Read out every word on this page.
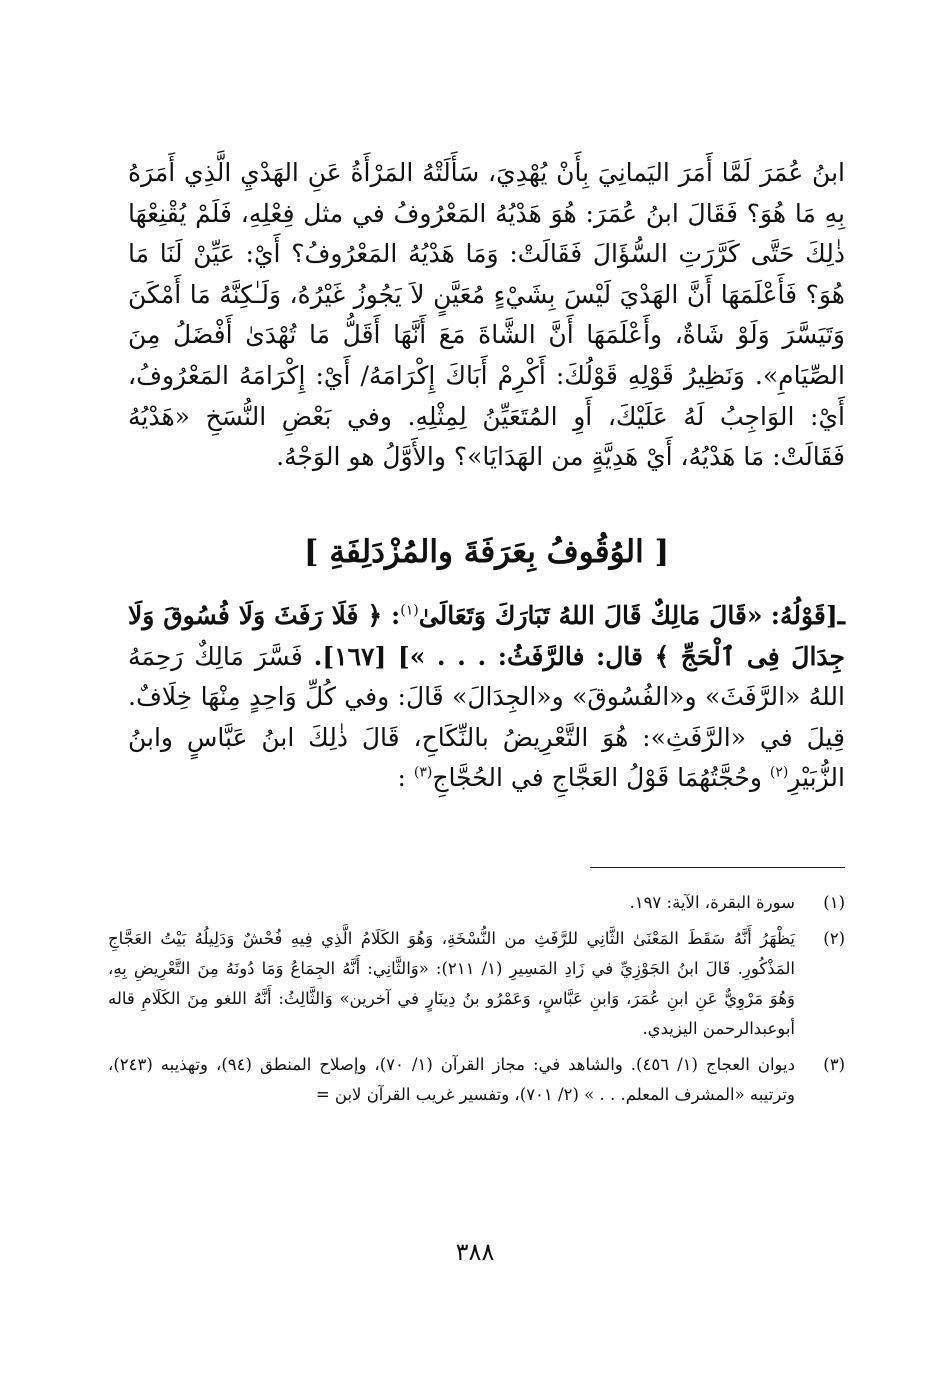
ابنُ عُمَرَ لَمَّا أَمَرَ اليَمانِيَ بِأَنْ يُهْدِيَ، سَأَلَتْهُ المَرْأَةُ عَنِ الهَدْيِ الَّذِي أَمَرَهُ بِهِ مَا هُوَ؟ فَقَالَ ابنُ عُمَرَ: هُوَ هَدْيُهُ المَعْرُوفُ في مثل فِعْلِهِ، فَلَمْ يُقْنِعْهَا ذٰلِكَ حَتَّى كَرَّرَتِ السُّؤَالَ فَقَالَتْ: وَمَا هَدْيُهُ المَعْرُوفُ؟ أَيْ: عَيِّنْ لَنَا مَا هُوَ؟ فَأَعْلَمَهَا أَنَّ الهَدْيَ لَيْسَ بِشَيْءٍ مُعَيَّنٍ لاَ يَجُوزُ غَيْرُهُ، وَلَـٰكِنَّهُ مَا أَمْكَنَ وَتَيَسَّرَ وَلَوْ شَاةٌ، وأَعْلَمَهَا أَنَّ الشَّاةَ مَعَ أَنَّهَا أَقَلُّ مَا تُهْدَىٰ أَفْضَلُ مِنَ الصِّيَامِ». وَنَظِيرُ قَوْلِهِ قَوْلُكَ: أَكْرِمْ أَبَاكَ إِكْرَامَهُ/ أَيْ: إِكْرَامَهُ المَعْرُوفُ، أَيْ: الوَاجِبُ لَهُ عَلَيْكَ، أَوِ المُتَعَيِّنُ لِمِثْلِهِ. وفي بَعْضِ النُّسَخِ «هَدْيُهُ فَقَالَتْ: مَا هَدْيُهُ، أَيْ هَدِيَّةٍ من الهَدَايَا»؟ والأَوَّلُ هو الوَجْهُ.

[ الوُقُوفُ بِعَرَفَةَ والمُزْدَلِفَةِ ]

ـ[قَوْلُهُ: «قَالَ مَالِكٌ قَالَ اللهُ تَبَارَكَ وَتَعَالَىٰ$^{(١)}$: ﴿ فَلَا رَفَثَ وَلَا فُسُوقَ وَلَا جِدَالَ فِى ٱلْحَجِّ ﴾ قال: فالرَّفَثُ: . . . »] [١٦٧]. فَسَّرَ مَالِكٌ رَحِمَهُ اللهُ «الرَّفَثَ» و«الفُسُوقَ» و«الجِدَالَ» قَالَ: وفي كُلِّ وَاحِدٍ مِنْهَا خِلَافٌ. قِيلَ في «الرَّفَثِ»: هُوَ التَّعْرِيضُ بالنِّكَاحِ، قَالَ ذٰلِكَ ابنُ عَبَّاسٍ وابنُ الزُّبَيْرِ$^{(٢)}$ وحُجَّتُهُمَا قَوْلُ العَجَّاجِ في الحُجَّاجِ$^{(٣)}$ :

(١)
سورة البقرة، الآية: ١٩٧.
(٢)
يَظْهَرُ أَنَّهُ سَقَطَ المَعْنَىٰ الثَّانِي للرَّفَثِ من النُّسْخَةِ، وَهُوَ الكَلَامُ الَّذِي فِيهِ فُحْشٌ وَدَلِيلُهُ بَيْتُ العَجَّاجِ المَذْكُورِ. قَالَ ابنُ الجَوْزِيِّ في زَادِ المَسِيرِ (١/ ٢١١): «وَالثَّانِي: أَنَّهُ الجِمَاعُ وَمَا دُونَهُ مِنَ التَّعْرِيضِ بِهِ، وَهُوَ مَرْوِيٌّ عَنِ ابنِ عُمَرَ، وَابنِ عَبَّاسٍ، وَعَمْرُو بنُ دِينَارٍ في آخرين» وَالثَّالِثُ: أَنَّهُ اللغو مِنَ الكَلَامِ قاله أبوعبدالرحمن اليزيدي.
(٣)
ديوان العجاج (١/ ٤٥٦). والشاهد في: مجاز القرآن (١/ ٧٠)، وإصلاح المنطق (٩٤)، وتهذيبه (٢٤٣)، وترتيبه «المشرف المعلم. . . » (٢/ ٧٠١)، وتفسير غريب القرآن لابن =
٣٨٨
